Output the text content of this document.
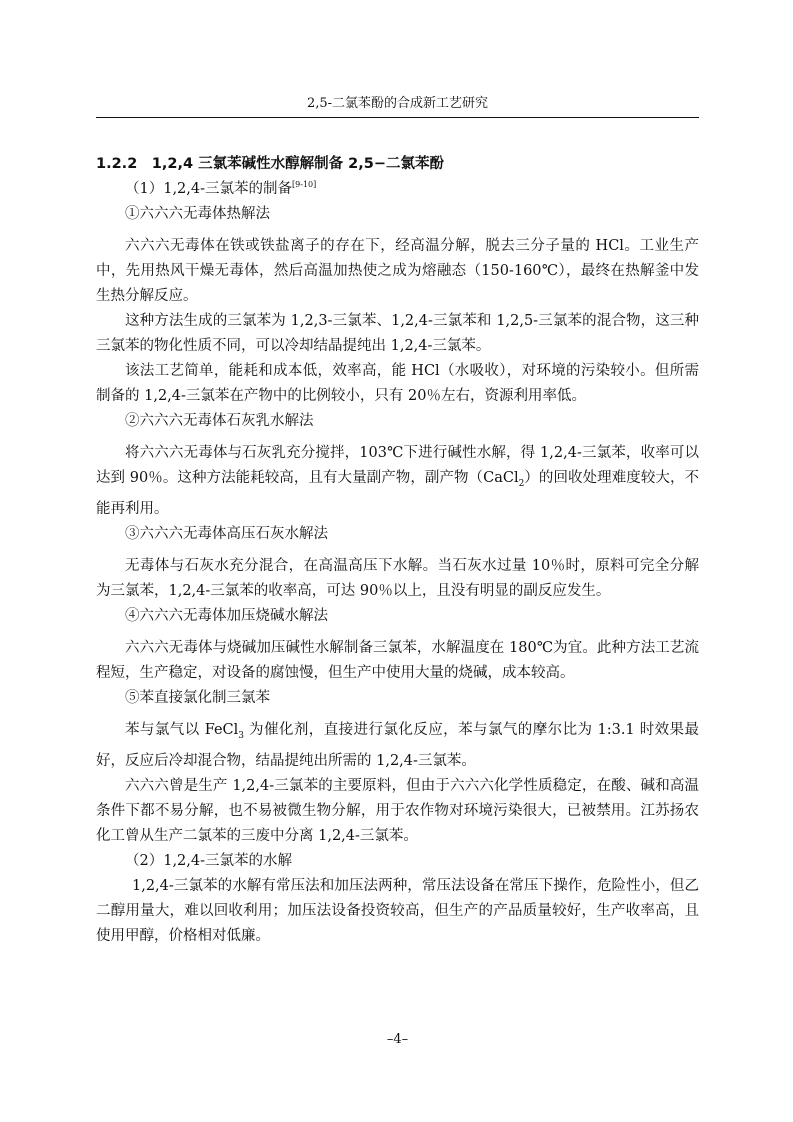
2,5-二氯苯酚的合成新工艺研究

1.2.2　1,2,4 三氯苯碱性水醇解制备 2,5−二氯苯酚

（1）1,2,4-三氯苯的制备[9-10]

①六六六无毒体热解法

六六六无毒体在铁或铁盐离子的存在下，经高温分解，脱去三分子量的 HCl。工业生产中，先用热风干燥无毒体，然后高温加热使之成为熔融态（150-160℃），最终在热解釜中发生热分解反应。

这种方法生成的三氯苯为 1,2,3-三氯苯、1,2,4-三氯苯和 1,2,5-三氯苯的混合物，这三种三氯苯的物化性质不同，可以冷却结晶提纯出 1,2,4-三氯苯。

该法工艺简单，能耗和成本低，效率高，能 HCl（水吸收），对环境的污染较小。但所需制备的 1,2,4-三氯苯在产物中的比例较小，只有 20％左右，资源利用率低。

②六六六无毒体石灰乳水解法

将六六六无毒体与石灰乳充分搅拌，103℃下进行碱性水解，得 1,2,4-三氯苯，收率可以达到 90％。这种方法能耗较高，且有大量副产物，副产物（CaCl$_2$）的回收处理难度较大，不能再利用。

③六六六无毒体高压石灰水解法

无毒体与石灰水充分混合，在高温高压下水解。当石灰水过量 10％时，原料可完全分解为三氯苯，1,2,4-三氯苯的收率高，可达 90％以上，且没有明显的副反应发生。

④六六六无毒体加压烧碱水解法

六六六无毒体与烧碱加压碱性水解制备三氯苯，水解温度在 180℃为宜。此种方法工艺流程短，生产稳定，对设备的腐蚀慢，但生产中使用大量的烧碱，成本较高。

⑤苯直接氯化制三氯苯

苯与氯气以 FeCl$_3$ 为催化剂，直接进行氯化反应，苯与氯气的摩尔比为 1:3.1 时效果最好，反应后冷却混合物，结晶提纯出所需的 1,2,4-三氯苯。

六六六曾是生产 1,2,4-三氯苯的主要原料，但由于六六六化学性质稳定，在酸、碱和高温条件下都不易分解，也不易被微生物分解，用于农作物对环境污染很大，已被禁用。江苏扬农化工曾从生产二氯苯的三废中分离 1,2,4-三氯苯。

（2）1,2,4-三氯苯的水解

1,2,4-三氯苯的水解有常压法和加压法两种，常压法设备在常压下操作，危险性小，但乙二醇用量大，难以回收利用；加压法设备投资较高，但生产的产品质量较好，生产收率高，且使用甲醇，价格相对低廉。

–4–
